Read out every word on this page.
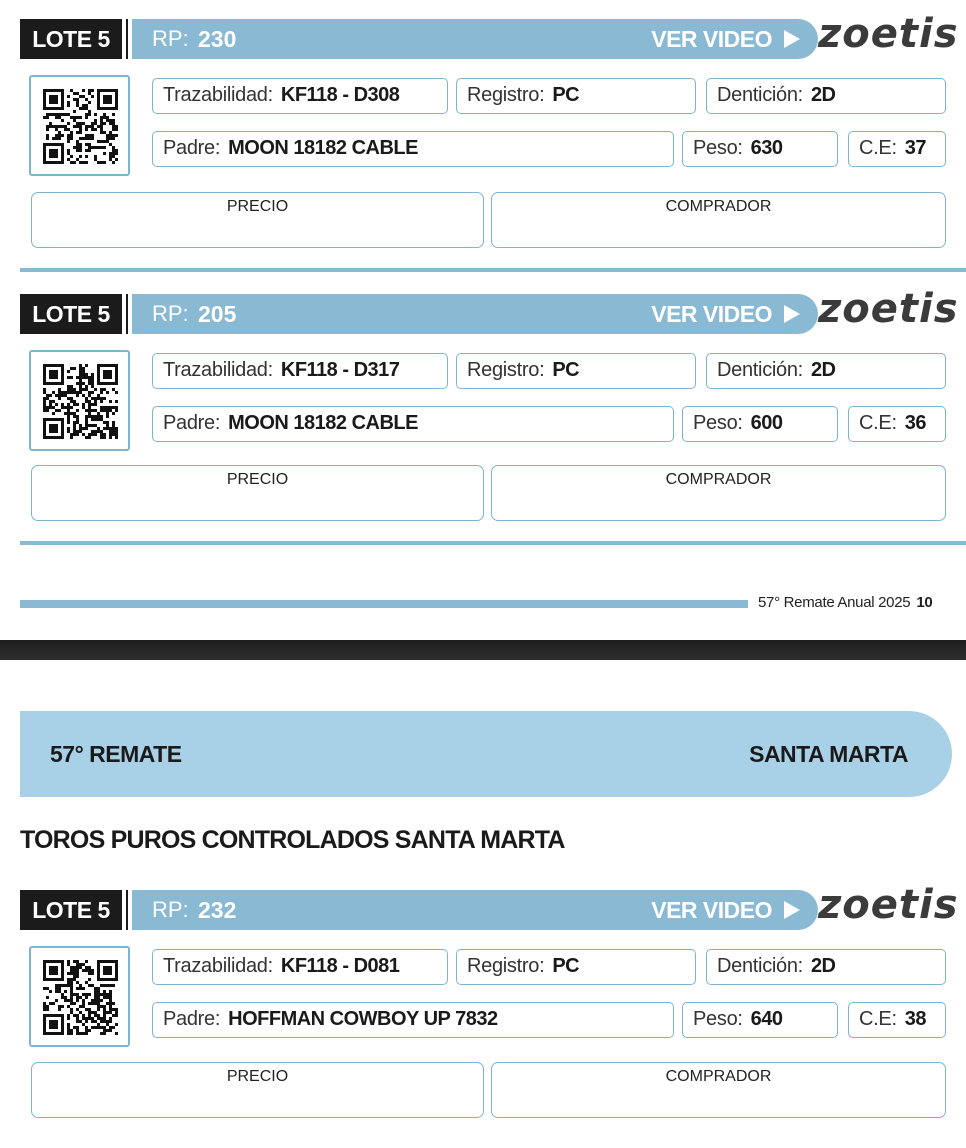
LOTE 5	RP: 230	VER VIDEO	zoetis
Trazabilidad: KF118 - D308	Registro: PC	Dentición: 2D
Padre: MOON 18182 CABLE	Peso: 630	C.E: 37
PRECIO	COMPRADOR
LOTE 5	RP: 205	VER VIDEO	zoetis
Trazabilidad: KF118 - D317	Registro: PC	Dentición: 2D
Padre: MOON 18182 CABLE	Peso: 600	C.E: 36
PRECIO	COMPRADOR
57° Remate Anual 2025 10
57° REMATE	SANTA MARTA
TOROS PUROS CONTROLADOS SANTA MARTA
LOTE 5	RP: 232	VER VIDEO	zoetis
Trazabilidad: KF118 - D081	Registro: PC	Dentición: 2D
Padre: HOFFMAN COWBOY UP 7832	Peso: 640	C.E: 38
PRECIO	COMPRADOR
